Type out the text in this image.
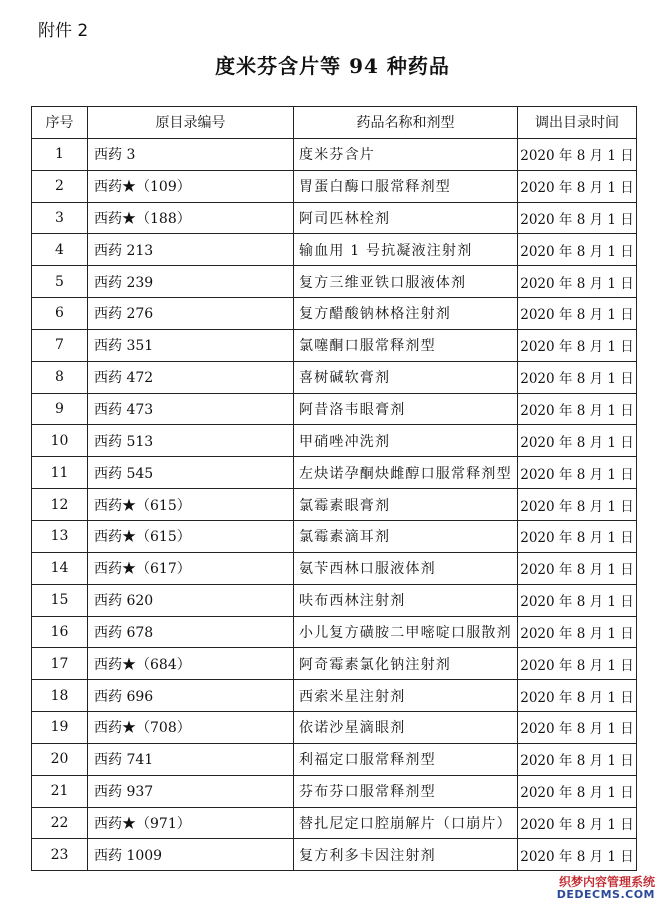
附件 2
度米芬含片等 94 种药品
序号	原目录编号	药品名称和剂型	调出目录时间
1	西药 3	度米芬含片	2020 年 8 月 1 日
2	西药★（109）	胃蛋白酶口服常释剂型	2020 年 8 月 1 日
3	西药★（188）	阿司匹林栓剂	2020 年 8 月 1 日
4	西药 213	输血用 1 号抗凝液注射剂	2020 年 8 月 1 日
5	西药 239	复方三维亚铁口服液体剂	2020 年 8 月 1 日
6	西药 276	复方醋酸钠林格注射剂	2020 年 8 月 1 日
7	西药 351	氯噻酮口服常释剂型	2020 年 8 月 1 日
8	西药 472	喜树碱软膏剂	2020 年 8 月 1 日
9	西药 473	阿昔洛韦眼膏剂	2020 年 8 月 1 日
10	西药 513	甲硝唑冲洗剂	2020 年 8 月 1 日
11	西药 545	左炔诺孕酮炔雌醇口服常释剂型	2020 年 8 月 1 日
12	西药★（615）	氯霉素眼膏剂	2020 年 8 月 1 日
13	西药★（615）	氯霉素滴耳剂	2020 年 8 月 1 日
14	西药★（617）	氨苄西林口服液体剂	2020 年 8 月 1 日
15	西药 620	呋布西林注射剂	2020 年 8 月 1 日
16	西药 678	小儿复方磺胺二甲嘧啶口服散剂	2020 年 8 月 1 日
17	西药★（684）	阿奇霉素氯化钠注射剂	2020 年 8 月 1 日
18	西药 696	西索米星注射剂	2020 年 8 月 1 日
19	西药★（708）	依诺沙星滴眼剂	2020 年 8 月 1 日
20	西药 741	利福定口服常释剂型	2020 年 8 月 1 日
21	西药 937	芬布芬口服常释剂型	2020 年 8 月 1 日
22	西药★（971）	替扎尼定口腔崩解片（口崩片）	2020 年 8 月 1 日
23	西药 1009	复方利多卡因注射剂	2020 年 8 月 1 日
织梦内容管理系统
DEDECMS.COM
